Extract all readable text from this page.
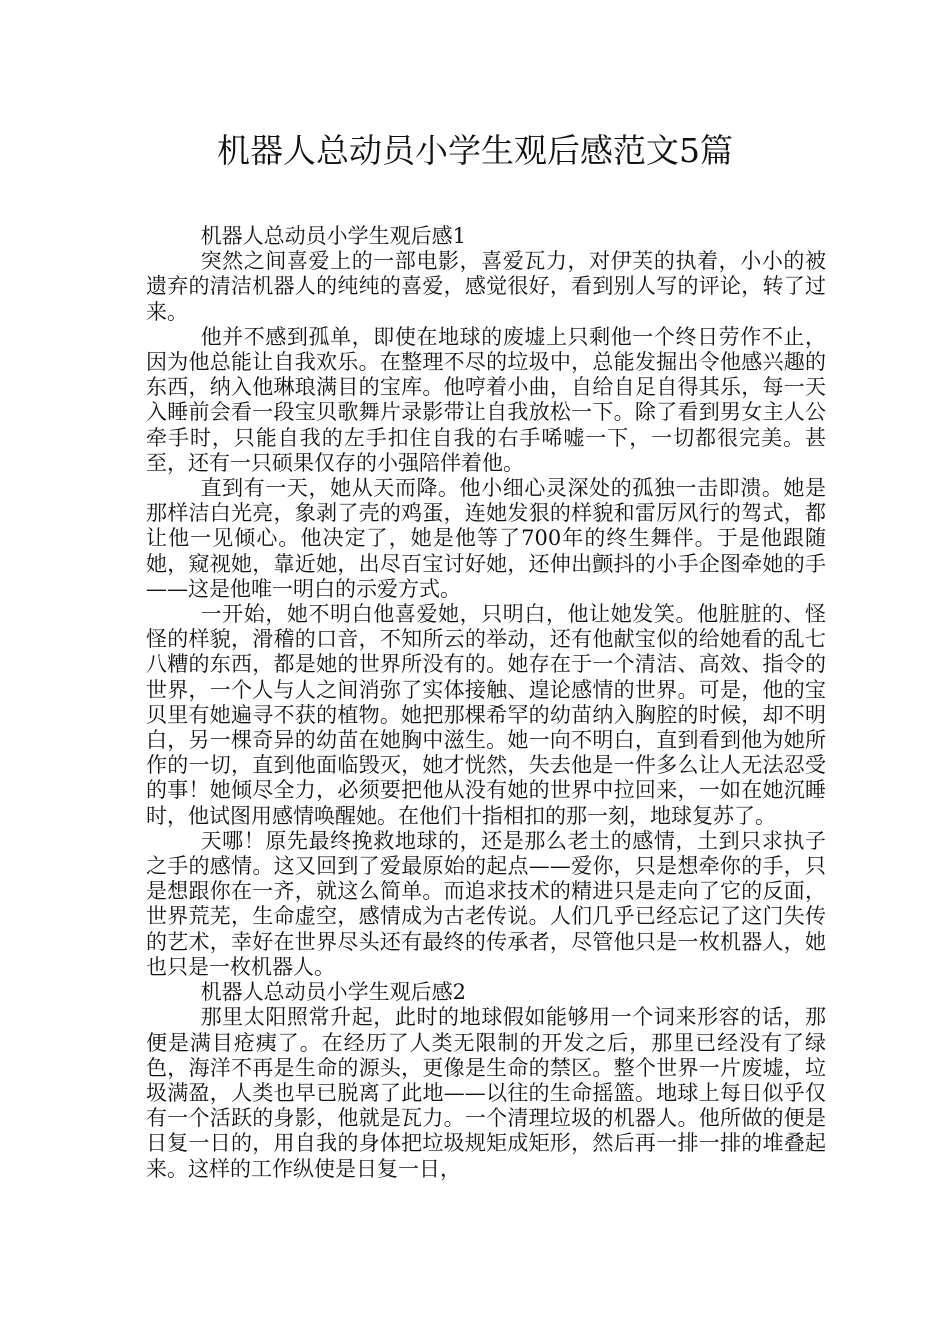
机器人总动员小学生观后感范文5篇

机器人总动员小学生观后感1

突然之间喜爱上的一部电影，喜爱瓦力，对伊芙的执着，小小的被遗弃的清洁机器人的纯纯的喜爱，感觉很好，看到别人写的评论，转了过来。

他并不感到孤单，即使在地球的废墟上只剩他一个终日劳作不止，因为他总能让自我欢乐。在整理不尽的垃圾中，总能发掘出令他感兴趣的东西，纳入他琳琅满目的宝库。他哼着小曲，自给自足自得其乐，每一天入睡前会看一段宝贝歌舞片录影带让自我放松一下。除了看到男女主人公牵手时，只能自我的左手扣住自我的右手唏嘘一下，一切都很完美。甚至，还有一只硕果仅存的小强陪伴着他。

直到有一天，她从天而降。他小细心灵深处的孤独一击即溃。她是那样洁白光亮，象剥了壳的鸡蛋，连她发狠的样貌和雷厉风行的驾式，都让他一见倾心。他决定了，她是他等了700年的终生舞伴。于是他跟随她，窥视她，靠近她，出尽百宝讨好她，还伸出颤抖的小手企图牵她的手——这是他唯一明白的示爱方式。

一开始，她不明白他喜爱她，只明白，他让她发笑。他脏脏的、怪怪的样貌，滑稽的口音，不知所云的举动，还有他献宝似的给她看的乱七八糟的东西，都是她的世界所没有的。她存在于一个清洁、高效、指令的世界，一个人与人之间消弥了实体接触、遑论感情的世界。可是，他的宝贝里有她遍寻不获的植物。她把那棵希罕的幼苗纳入胸腔的时候，却不明白，另一棵奇异的幼苗在她胸中滋生。她一向不明白，直到看到他为她所作的一切，直到他面临毁灭，她才恍然，失去他是一件多么让人无法忍受的事！她倾尽全力，必须要把他从没有她的世界中拉回来，一如在她沉睡时，他试图用感情唤醒她。在他们十指相扣的那一刻，地球复苏了。

天哪！原先最终挽救地球的，还是那么老土的感情，土到只求执子之手的感情。这又回到了爱最原始的起点——爱你，只是想牵你的手，只是想跟你在一齐，就这么简单。而追求技术的精进只是走向了它的反面，世界荒芜，生命虚空，感情成为古老传说。人们几乎已经忘记了这门失传的艺术，幸好在世界尽头还有最终的传承者，尽管他只是一枚机器人，她也只是一枚机器人。

机器人总动员小学生观后感2

那里太阳照常升起，此时的地球假如能够用一个词来形容的话，那便是满目疮痍了。在经历了人类无限制的开发之后，那里已经没有了绿色，海洋不再是生命的源头，更像是生命的禁区。整个世界一片废墟，垃圾满盈，人类也早已脱离了此地——以往的生命摇篮。地球上每日似乎仅有一个活跃的身影，他就是瓦力。一个清理垃圾的机器人。他所做的便是日复一日的，用自我的身体把垃圾规矩成矩形，然后再一排一排的堆叠起来。这样的工作纵使是日复一日，
